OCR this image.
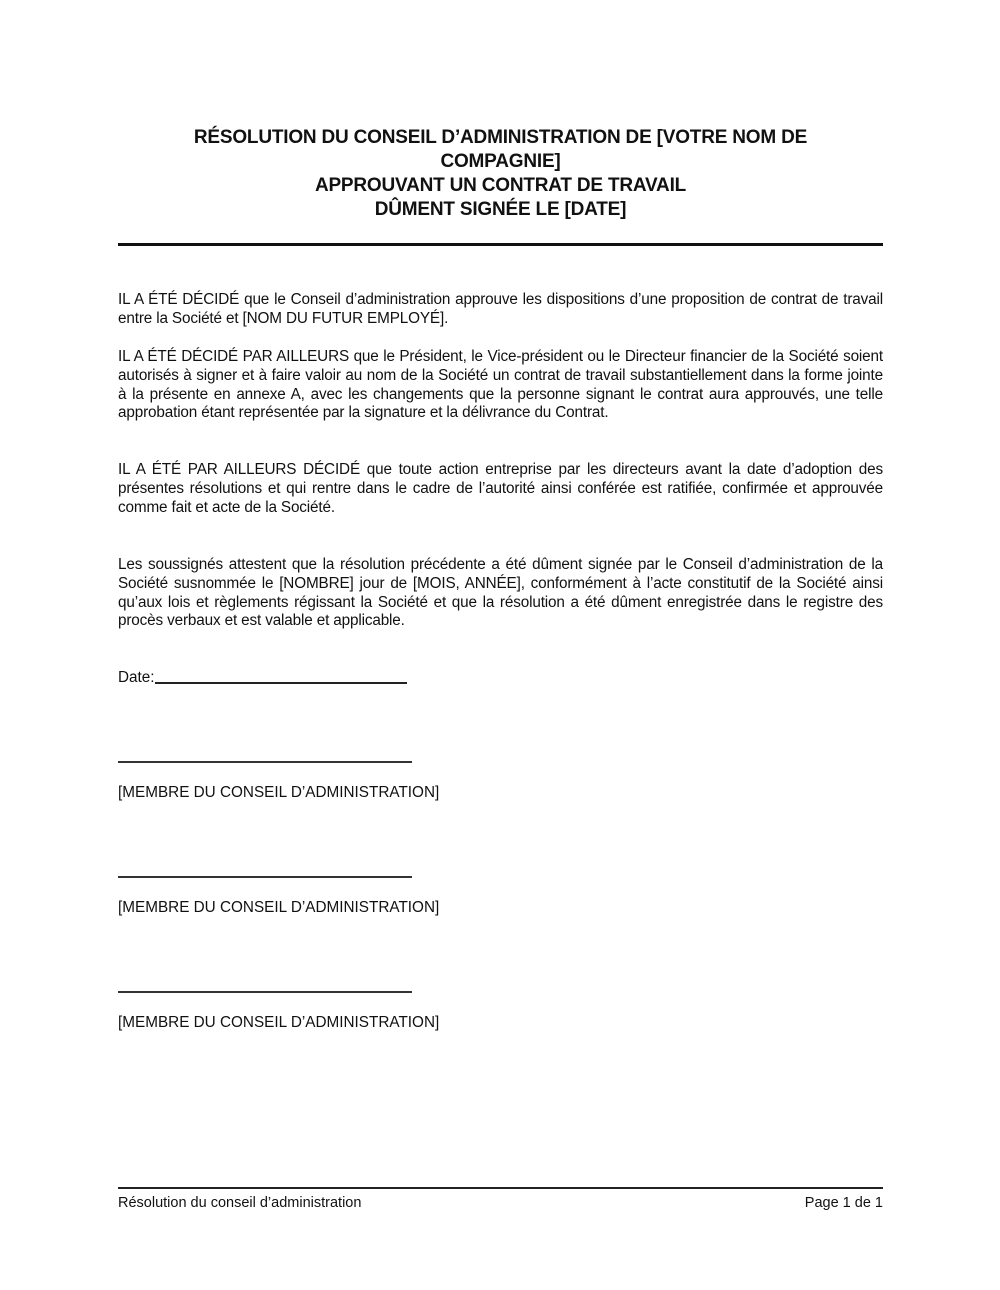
RÉSOLUTION DU CONSEIL D’ADMINISTRATION DE [VOTRE NOM DE
COMPAGNIE]
APPROUVANT UN CONTRAT DE TRAVAIL
DÛMENT SIGNÉE LE [DATE]

IL A ÉTÉ DÉCIDÉ que le Conseil d’administration approuve les dispositions d’une proposition de contrat de travail entre la Société et [NOM DU FUTUR EMPLOYÉ].

IL A ÉTÉ DÉCIDÉ PAR AILLEURS que le Président, le Vice-président ou le Directeur financier de la Société soient autorisés à signer et à faire valoir au nom de la Société un contrat de travail substantiellement dans la forme jointe à la présente en annexe A, avec les changements que la personne signant le contrat aura approuvés, une telle approbation étant représentée par la signature et la délivrance du Contrat.

IL A ÉTÉ PAR AILLEURS DÉCIDÉ que toute action entreprise par les directeurs avant la date d’adoption des présentes résolutions et qui rentre dans le cadre de l’autorité ainsi conférée est ratifiée, confirmée et approuvée comme fait et acte de la Société.

Les soussignés attestent que la résolution précédente a été dûment signée par le Conseil d’administration de la Société susnommée le [NOMBRE] jour de [MOIS, ANNÉE], conformément à l’acte constitutif de la Société ainsi qu’aux lois et règlements régissant la Société et que la résolution a été dûment enregistrée dans le registre des procès verbaux et est valable et applicable.

Date:
[MEMBRE DU CONSEIL D’ADMINISTRATION]
[MEMBRE DU CONSEIL D’ADMINISTRATION]
[MEMBRE DU CONSEIL D’ADMINISTRATION]
Résolution du conseil d’administration	Page 1 de 1
